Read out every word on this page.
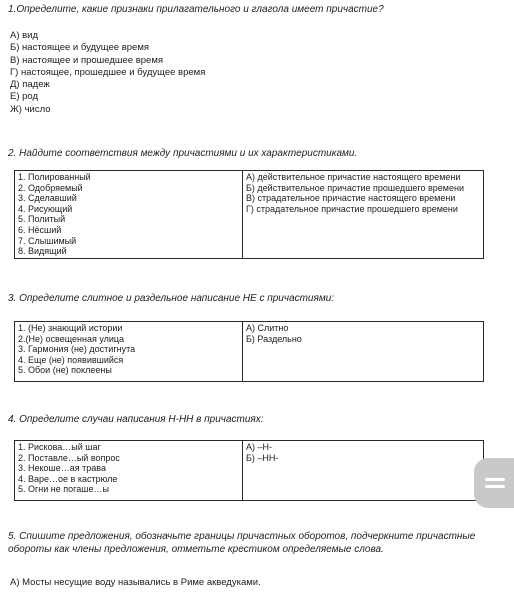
1.Определите, какие признаки прилагательного и глагола имеет причастие?
А) вид
Б) настоящее и будущее время
В) настоящее и прошедшее время
Г) настоящее, прошедшее и будущее время
Д) падеж
Е) род
Ж) число
2. Найдите соответствия между причастиями и их характеристиками.
1. Полированный
2. Одобряемый
3. Сделавший
4. Рисующий
5. Политый
6. Нёсший
7. Слышимый
8. Видящий

А) действительное причастие настоящего времени
Б) действительное причастие прошедшего времени
В) страдательное причастие настоящего времени
Г) страдательное причастие прошедшего времени
3. Определите слитное и раздельное написание НЕ с причастиями:
1. (Не) знающий истории
2.(Не) освещенная улица
3. Гармония (не) достигнута
4. Еще (не) появившийся
5. Обои (не) поклеены

А) Слитно
Б) Раздельно
4. Определите случаи написания Н-НН в причастиях:
1. Рискова…ый шаг
2. Поставле…ый вопрос
3. Некоше…ая трава
4. Варе…ое в кастрюле
5. Огни не погаше…ы

А) –Н-
Б) –НН-
5. Спишите предложения, обозначьте границы причастных оборотов, подчеркните причастные обороты как члены предложения, отметьте крестиком определяемые слова.
А) Мосты несущие воду назывались в Риме акведуками.
